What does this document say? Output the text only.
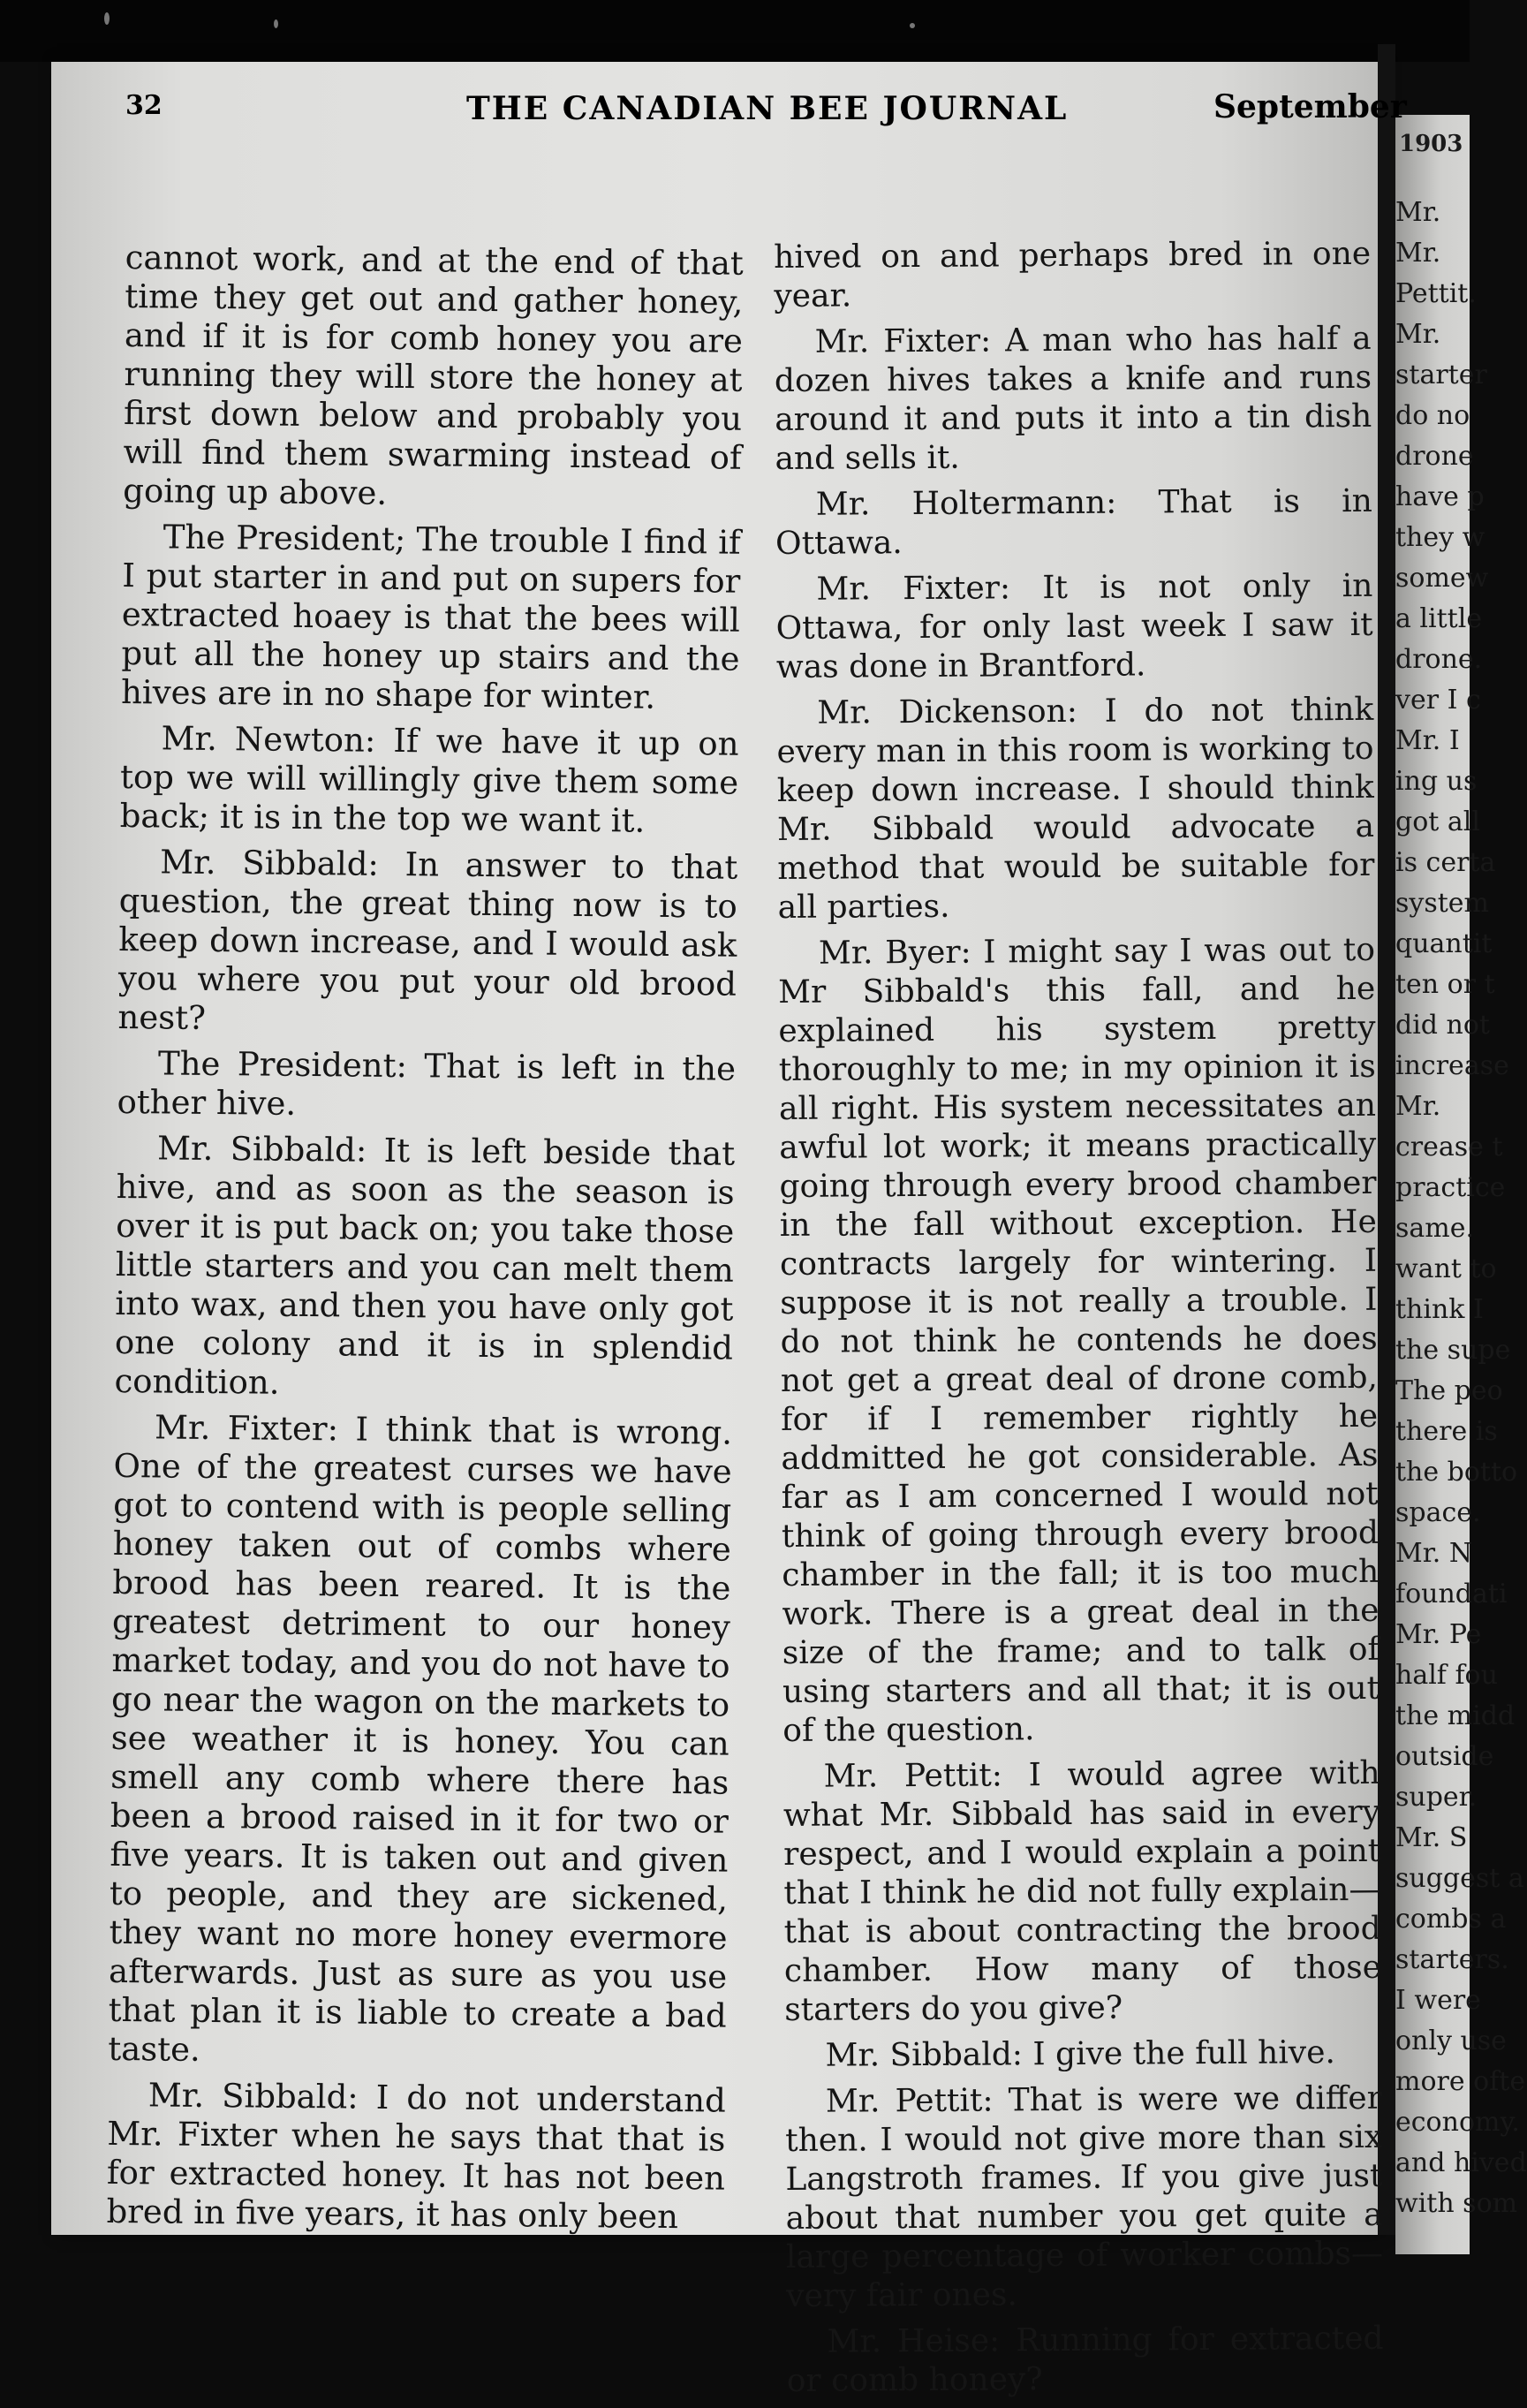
1903
Mr.
Mr.
Pettit.
Mr.
starter
do no
drone
have p
they w
somew
a little
drone.
ver I c
Mr. I
ing us
got all
is certa
system
quantit
ten or t
did not
increase
Mr.
crease t
practice
same.
want to
think I
the supe
The peo
there is
the botto
space.
Mr. N
foundati
Mr. Pe
half fou
the midd
outside
super.
Mr. S
suggest a
combs a
starters.
I were
only use
more ofte
economy.
and hived
with som
32	THE CANADIAN BEE JOURNAL	September

cannot work, and at the end of that time they get out and gather honey, and if it is for comb honey you are running they will store the honey at first down below and probably you will find them swarming instead of going up above.

The President; The trouble I find if I put starter in and put on supers for extracted hoaey is that the bees will put all the honey up stairs and the hives are in no shape for winter.

Mr. Newton: If we have it up on top we will willingly give them some back; it is in the top we want it.

Mr. Sibbald: In answer to that question, the great thing now is to keep down increase, and I would ask you where you put your old brood nest?

The President: That is left in the other hive.

Mr. Sibbald: It is left beside that hive, and as soon as the season is over it is put back on; you take those little starters and you can melt them into wax, and then you have only got one colony and it is in splendid condition.

Mr. Fixter: I think that is wrong. One of the greatest curses we have got to contend with is people selling honey taken out of combs where brood has been reared. It is the greatest detriment to our honey market today, and you do not have to go near the wagon on the markets to see weather it is honey. You can smell any comb where there has been a brood raised in it for two or five years. It is taken out and given to people, and they are sickened, they want no more honey evermore afterwards. Just as sure as you use that plan it is liable to create a bad taste.

Mr. Sibbald: I do not understand Mr. Fixter when he says that that is for extracted honey. It has not been bred in five years, it has only been

hived on and perhaps bred in one year.

Mr. Fixter: A man who has half a dozen hives takes a knife and runs around it and puts it into a tin dish and sells it.

Mr. Holtermann: That is in Ottawa.

Mr. Fixter: It is not only in Ottawa, for only last week I saw it was done in Brantford.

Mr. Dickenson: I do not think every man in this room is working to keep down increase. I should think Mr. Sibbald would advocate a method that would be suitable for all parties.

Mr. Byer: I might say I was out to Mr Sibbald's this fall, and he explained his system pretty thoroughly to me; in my opinion it is all right. His system necessitates an awful lot work; it means practically going through every brood chamber in the fall without exception. He contracts largely for wintering. I suppose it is not really a trouble. I do not think he contends he does not get a great deal of drone comb, for if I remember rightly he addmitted he got considerable. As far as I am concerned I would not think of going through every brood chamber in the fall; it is too much work. There is a great deal in the size of the frame; and to talk of using starters and all that; it is out of the question.

Mr. Pettit: I would agree with what Mr. Sibbald has said in every respect, and I would explain a point that I think he did not fully explain—that is about contracting the brood chamber. How many of those starters do you give?

Mr. Sibbald: I give the full hive.

Mr. Pettit: That is were we differ then. I would not give more than six Langstroth frames. If you give just about that number you get quite a large percentage of worker combs—very fair ones.

Mr. Heise: Running for extracted or comb honey?
